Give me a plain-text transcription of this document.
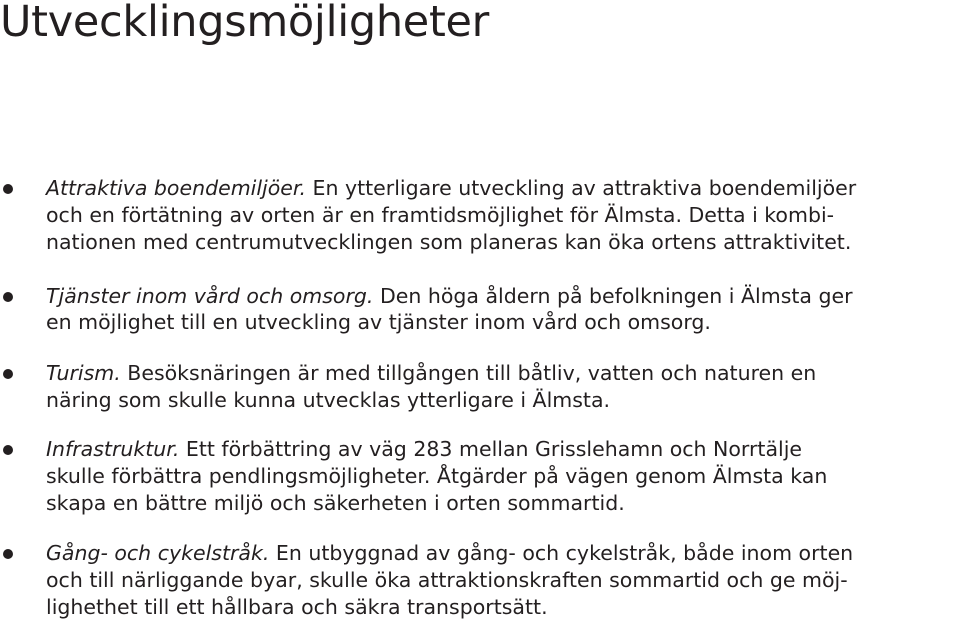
Utvecklingsmöjligheter
Attraktiva boendemiljöer. En ytterligare utveckling av attraktiva boendemiljöer
och en förtätning av orten är en framtidsmöjlighet för Älmsta. Detta i kombi-
nationen med centrumutvecklingen som planeras kan öka ortens attraktivitet.
Tjänster inom vård och omsorg. Den höga åldern på befolkningen i Älmsta ger
en möjlighet till en utveckling av tjänster inom vård och omsorg.
Turism. Besöksnäringen är med tillgången till båtliv, vatten och naturen en
näring som skulle kunna utvecklas ytterligare i Älmsta.
Infrastruktur. Ett förbättring av väg 283 mellan Grisslehamn och Norrtälje
skulle förbättra pendlingsmöjligheter. Åtgärder på vägen genom Älmsta kan
skapa en bättre miljö och säkerheten i orten sommartid.
Gång- och cykelstråk. En utbyggnad av gång- och cykelstråk, både inom orten
och till närliggande byar, skulle öka attraktionskraften sommartid och ge möj-
lighethet till ett hållbara och säkra transportsätt.
